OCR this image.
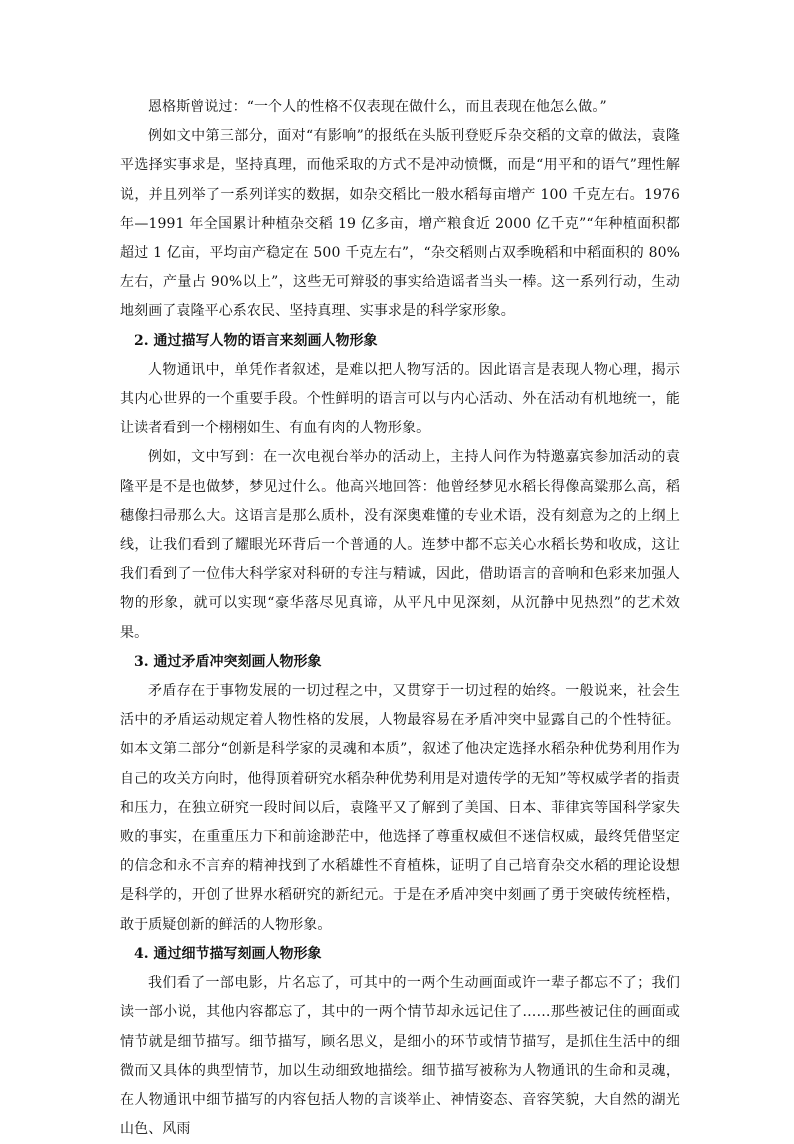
恩格斯曾说过：“一个人的性格不仅表现在做什么，而且表现在他怎么做。”

例如文中第三部分，面对“有影响”的报纸在头版刊登贬斥杂交稻的文章的做法，袁隆平选择实事求是，坚持真理，而他采取的方式不是冲动愤慨，而是“用平和的语气”理性解说，并且列举了一系列详实的数据，如杂交稻比一般水稻每亩增产 100 千克左右。1976 年—1991 年全国累计种植杂交稻 19 亿多亩，增产粮食近 2000 亿千克”“年种植面积都超过 1 亿亩，平均亩产稳定在 500 千克左右”，“杂交稻则占双季晚稻和中稻面积的 80%左右，产量占 90%以上”，这些无可辩驳的事实给造谣者当头一棒。这一系列行动，生动地刻画了袁隆平心系农民、坚持真理、实事求是的科学家形象。

2. 通过描写人物的语言来刻画人物形象

人物通讯中，单凭作者叙述，是难以把人物写活的。因此语言是表现人物心理，揭示其内心世界的一个重要手段。个性鲜明的语言可以与内心活动、外在活动有机地统一，能让读者看到一个栩栩如生、有血有肉的人物形象。

例如，文中写到：在一次电视台举办的活动上，主持人问作为特邀嘉宾参加活动的袁隆平是不是也做梦，梦见过什么。他高兴地回答：他曾经梦见水稻长得像高粱那么高，稻穗像扫帚那么大。这语言是那么质朴，没有深奥难懂的专业术语，没有刻意为之的上纲上线，让我们看到了耀眼光环背后一个普通的人。连梦中都不忘关心水稻长势和收成，这让我们看到了一位伟大科学家对科研的专注与精诚，因此，借助语言的音响和色彩来加强人物的形象，就可以实现“豪华落尽见真谛，从平凡中见深刻，从沉静中见热烈”的艺术效果。

3. 通过矛盾冲突刻画人物形象

矛盾存在于事物发展的一切过程之中，又贯穿于一切过程的始终。一般说来，社会生活中的矛盾运动规定着人物性格的发展，人物最容易在矛盾冲突中显露自己的个性特征。如本文第二部分“创新是科学家的灵魂和本质”，叙述了他决定选择水稻杂种优势利用作为自己的攻关方向时，他得顶着研究水稻杂种优势利用是对遗传学的无知”等权威学者的指责和压力，在独立研究一段时间以后，袁隆平又了解到了美国、日本、菲律宾等国科学家失败的事实，在重重压力下和前途渺茫中，他选择了尊重权威但不迷信权威，最终凭借坚定的信念和永不言弃的精神找到了水稻雄性不育植株，证明了自己培育杂交水稻的理论设想是科学的，开创了世界水稻研究的新纪元。于是在矛盾冲突中刻画了勇于突破传统桎梏，敢于质疑创新的鲜活的人物形象。

4. 通过细节描写刻画人物形象

我们看了一部电影，片名忘了，可其中的一两个生动画面或许一辈子都忘不了；我们读一部小说，其他内容都忘了，其中的一两个情节却永远记住了……那些被记住的画面或情节就是细节描写。细节描写，顾名思义，是细小的环节或情节描写，是抓住生活中的细微而又具体的典型情节，加以生动细致地描绘。细节描写被称为人物通讯的生命和灵魂，在人物通讯中细节描写的内容包括人物的言谈举止、神情姿态、音容笑貌，大自然的湖光山色、风雨
